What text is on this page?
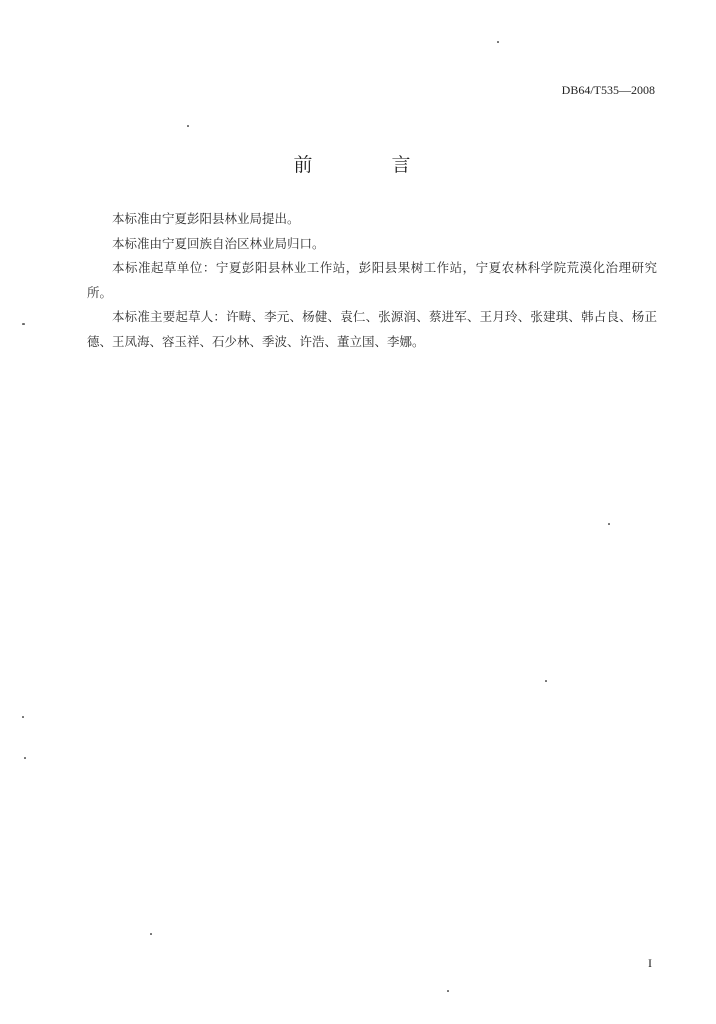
DB64/T535—2008
前　言

本标准由宁夏彭阳县林业局提出。

本标准由宁夏回族自治区林业局归口。

本标准起草单位：宁夏彭阳县林业工作站，彭阳县果树工作站，宁夏农林科学院荒漠化治理研究所。

本标准主要起草人：许畴、李元、杨健、袁仁、张源润、蔡进军、王月玲、张建琪、韩占良、杨正德、王凤海、容玉祥、石少林、季波、许浩、董立国、李娜。

I
